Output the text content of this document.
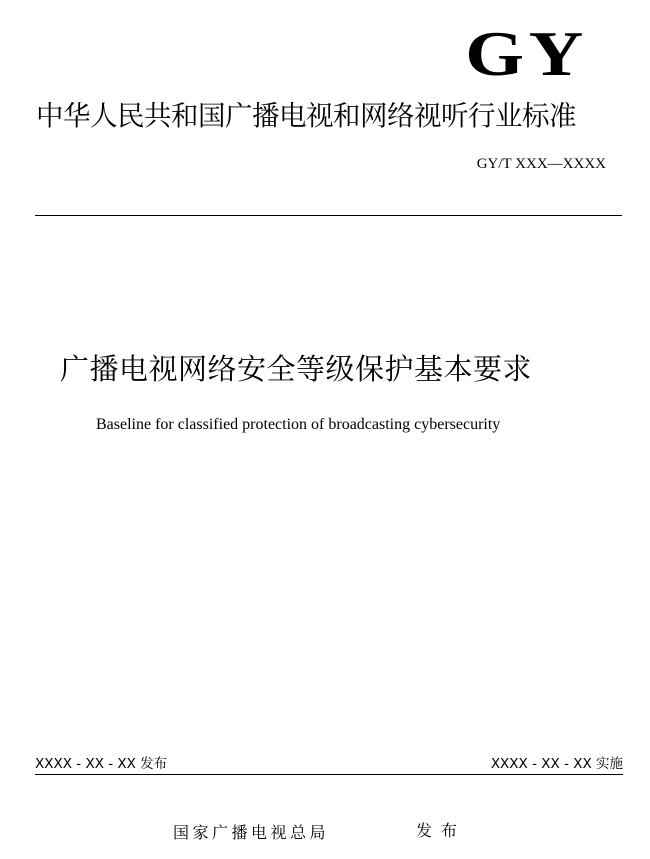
GY
中华人民共和国广播电视和网络视听行业标准
GY/T XXX—XXXX
广播电视网络安全等级保护基本要求
Baseline for classified protection of broadcasting cybersecurity
XXXX - XX - XX 发布	XXXX - XX - XX 实施
国家广播电视总局	发布
